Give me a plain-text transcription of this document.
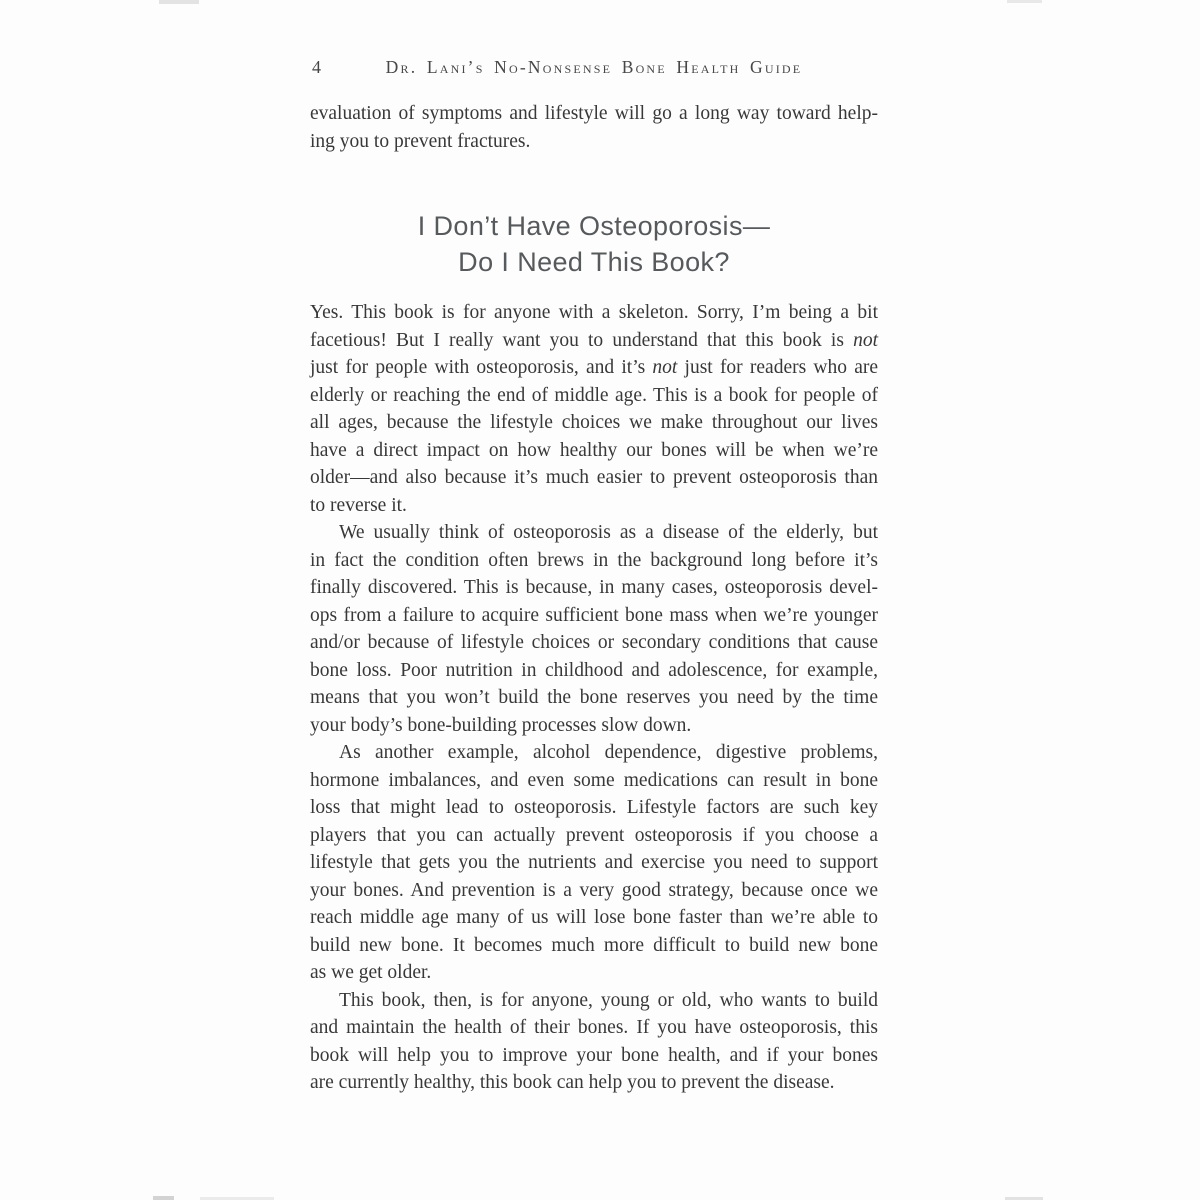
4	Dr. Lani’s No-Nonsense Bone Health Guide
evaluation of symptoms and lifestyle will go a long way toward help-
ing you to prevent fractures.
I Don’t Have Osteoporosis—
Do I Need This Book?
Yes. This book is for anyone with a skeleton. Sorry, I’m being a bit
facetious! But I really want you to understand that this book is not
just for people with osteoporosis, and it’s not just for readers who are
elderly or reaching the end of middle age. This is a book for people of
all ages, because the lifestyle choices we make throughout our lives
have a direct impact on how healthy our bones will be when we’re
older—and also because it’s much easier to prevent osteoporosis than
to reverse it.
We usually think of osteoporosis as a disease of the elderly, but
in fact the condition often brews in the background long before it’s
finally discovered. This is because, in many cases, osteoporosis devel-
ops from a failure to acquire sufficient bone mass when we’re younger
and/or because of lifestyle choices or secondary conditions that cause
bone loss. Poor nutrition in childhood and adolescence, for example,
means that you won’t build the bone reserves you need by the time
your body’s bone-building processes slow down.
As another example, alcohol dependence, digestive problems,
hormone imbalances, and even some medications can result in bone
loss that might lead to osteoporosis. Lifestyle factors are such key
players that you can actually prevent osteoporosis if you choose a
lifestyle that gets you the nutrients and exercise you need to support
your bones. And prevention is a very good strategy, because once we
reach middle age many of us will lose bone faster than we’re able to
build new bone. It becomes much more difficult to build new bone
as we get older.
This book, then, is for anyone, young or old, who wants to build
and maintain the health of their bones. If you have osteoporosis, this
book will help you to improve your bone health, and if your bones
are currently healthy, this book can help you to prevent the disease.
